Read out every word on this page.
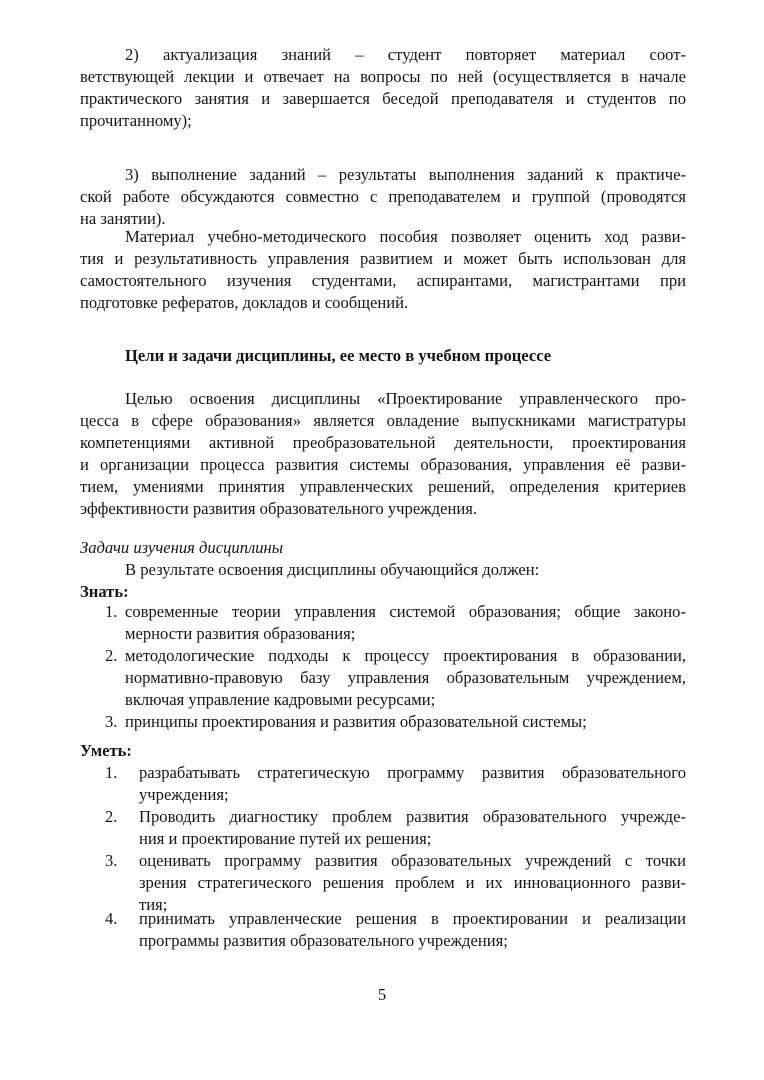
2) актуализация знаний – студент повторяет материал соот-
ветствующей лекции и отвечает на вопросы по ней (осуществляется в начале
практического занятия и завершается беседой преподавателя и студентов по
прочитанному);
3) выполнение заданий – результаты выполнения заданий к практиче-
ской работе обсуждаются совместно с преподавателем и группой (проводятся
на занятии).
Материал учебно-методического пособия позволяет оценить ход разви-
тия и результативность управления развитием и может быть использован для
самостоятельного изучения студентами, аспирантами, магистрантами при
подготовке рефератов, докладов и сообщений.
Цели и задачи дисциплины, ее место в учебном процессе
Целью освоения дисциплины «Проектирование управленческого про-
цесса в сфере образования» является овладение выпускниками магистратуры
компетенциями активной преобразовательной деятельности, проектирования
и организации процесса развития системы образования, управления её разви-
тием, умениями принятия управленческих решений, определения критериев
эффективности развития образовательного учреждения.
Задачи изучения дисциплины
В результате освоения дисциплины обучающийся должен:
Знать:
1. современные теории управления системой образования; общие законо-
мерности развития образования;
2. методологические подходы к процессу проектирования в образовании,
нормативно-правовую базу управления образовательным учреждением,
включая управление кадровыми ресурсами;
3. принципы проектирования и развития образовательной системы;
Уметь:
1. разрабатывать стратегическую программу развития образовательного
учреждения;
2. Проводить диагностику проблем развития образовательного учрежде-
ния и проектирование путей их решения;
3. оценивать программу развития образовательных учреждений с точки
зрения стратегического решения проблем и их инновационного разви-
тия;
4. принимать управленческие решения в проектировании и реализации
программы развития образовательного учреждения;
5
